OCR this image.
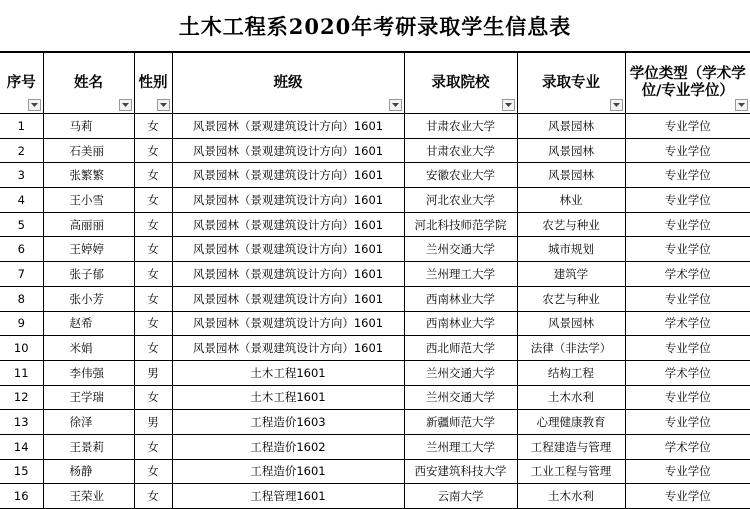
土木工程系2020年考研录取学生信息表
序号	姓名	性别	班级	录取院校	录取专业	学位类型（学术学位/专业学位）

1	马莉	女	风景园林（景观建筑设计方向）1601	甘肃农业大学	风景园林	专业学位
2	石美丽	女	风景园林（景观建筑设计方向）1601	甘肃农业大学	风景园林	专业学位
3	张繁繁	女	风景园林（景观建筑设计方向）1601	安徽农业大学	风景园林	专业学位
4	王小雪	女	风景园林（景观建筑设计方向）1601	河北农业大学	林业	专业学位
5	高丽丽	女	风景园林（景观建筑设计方向）1601	河北科技师范学院	农艺与种业	专业学位
6	王婷婷	女	风景园林（景观建筑设计方向）1601	兰州交通大学	城市规划	专业学位
7	张子郁	女	风景园林（景观建筑设计方向）1601	兰州理工大学	建筑学	学术学位
8	张小芳	女	风景园林（景观建筑设计方向）1601	西南林业大学	农艺与种业	专业学位
9	赵希	女	风景园林（景观建筑设计方向）1601	西南林业大学	风景园林	学术学位
10	米娟	女	风景园林（景观建筑设计方向）1601	西北师范大学	法律（非法学）	专业学位
11	李伟强	男	土木工程1601	兰州交通大学	结构工程	学术学位
12	王学瑞	女	土木工程1601	兰州交通大学	土木水利	专业学位
13	徐泽	男	工程造价1603	新疆师范大学	心理健康教育	专业学位
14	王景莉	女	工程造价1602	兰州理工大学	工程建造与管理	学术学位
15	杨静	女	工程造价1601	西安建筑科技大学	工业工程与管理	专业学位
16	王荣业	女	工程管理1601	云南大学	土木水利	专业学位
